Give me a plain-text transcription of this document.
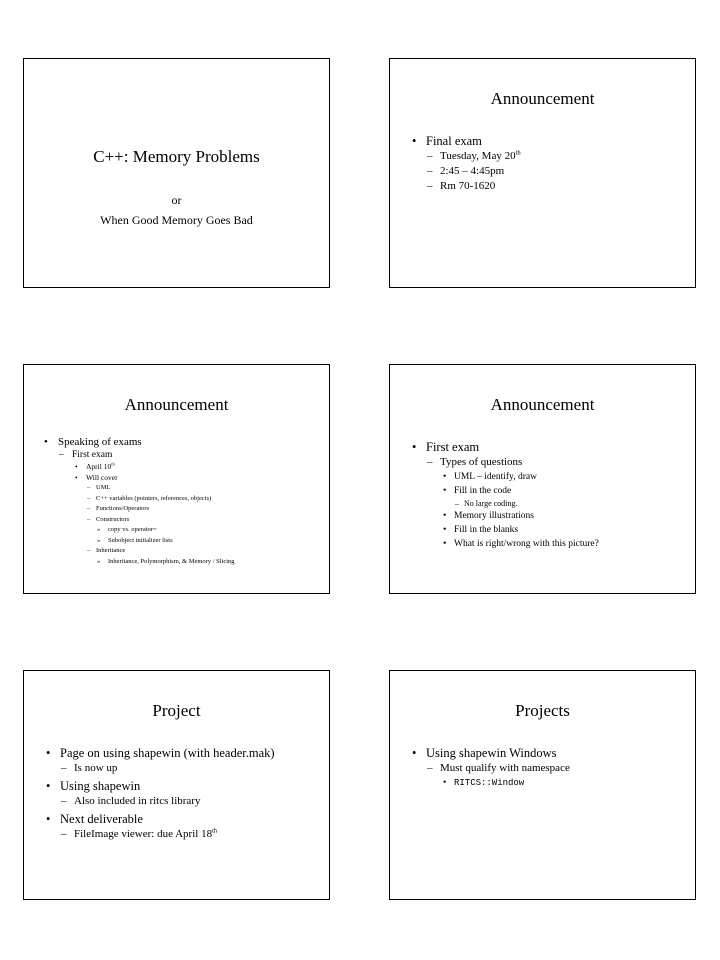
C++: Memory Problems
or
When Good Memory Goes Bad
Announcement
• Final exam
– Tuesday, May 20th
– 2:45 – 4:45pm
– Rm 70-1620
Announcement
• Speaking of exams
– First exam
• April 10th
• Will cover
– UML
– C++ variables (pointers, references, objects)
– Functions/Operators
– Constructors
» copy vs. operator=
» Subobject initializer lists
– Inheritance
» Inheritance, Polymorphism, & Memory / Slicing
Announcement
• First exam
– Types of questions
• UML – identify, draw
• Fill in the code
– No large coding.
• Memory illustrations
• Fill in the blanks
• What is right/wrong with this picture?
Project
• Page on using shapewin (with header.mak)
– Is now up
• Using shapewin
– Also included in ritcs library
• Next deliverable
– FileImage viewer: due April 18th
Projects
• Using shapewin Windows
– Must qualify with namespace
• RITCS::Window
